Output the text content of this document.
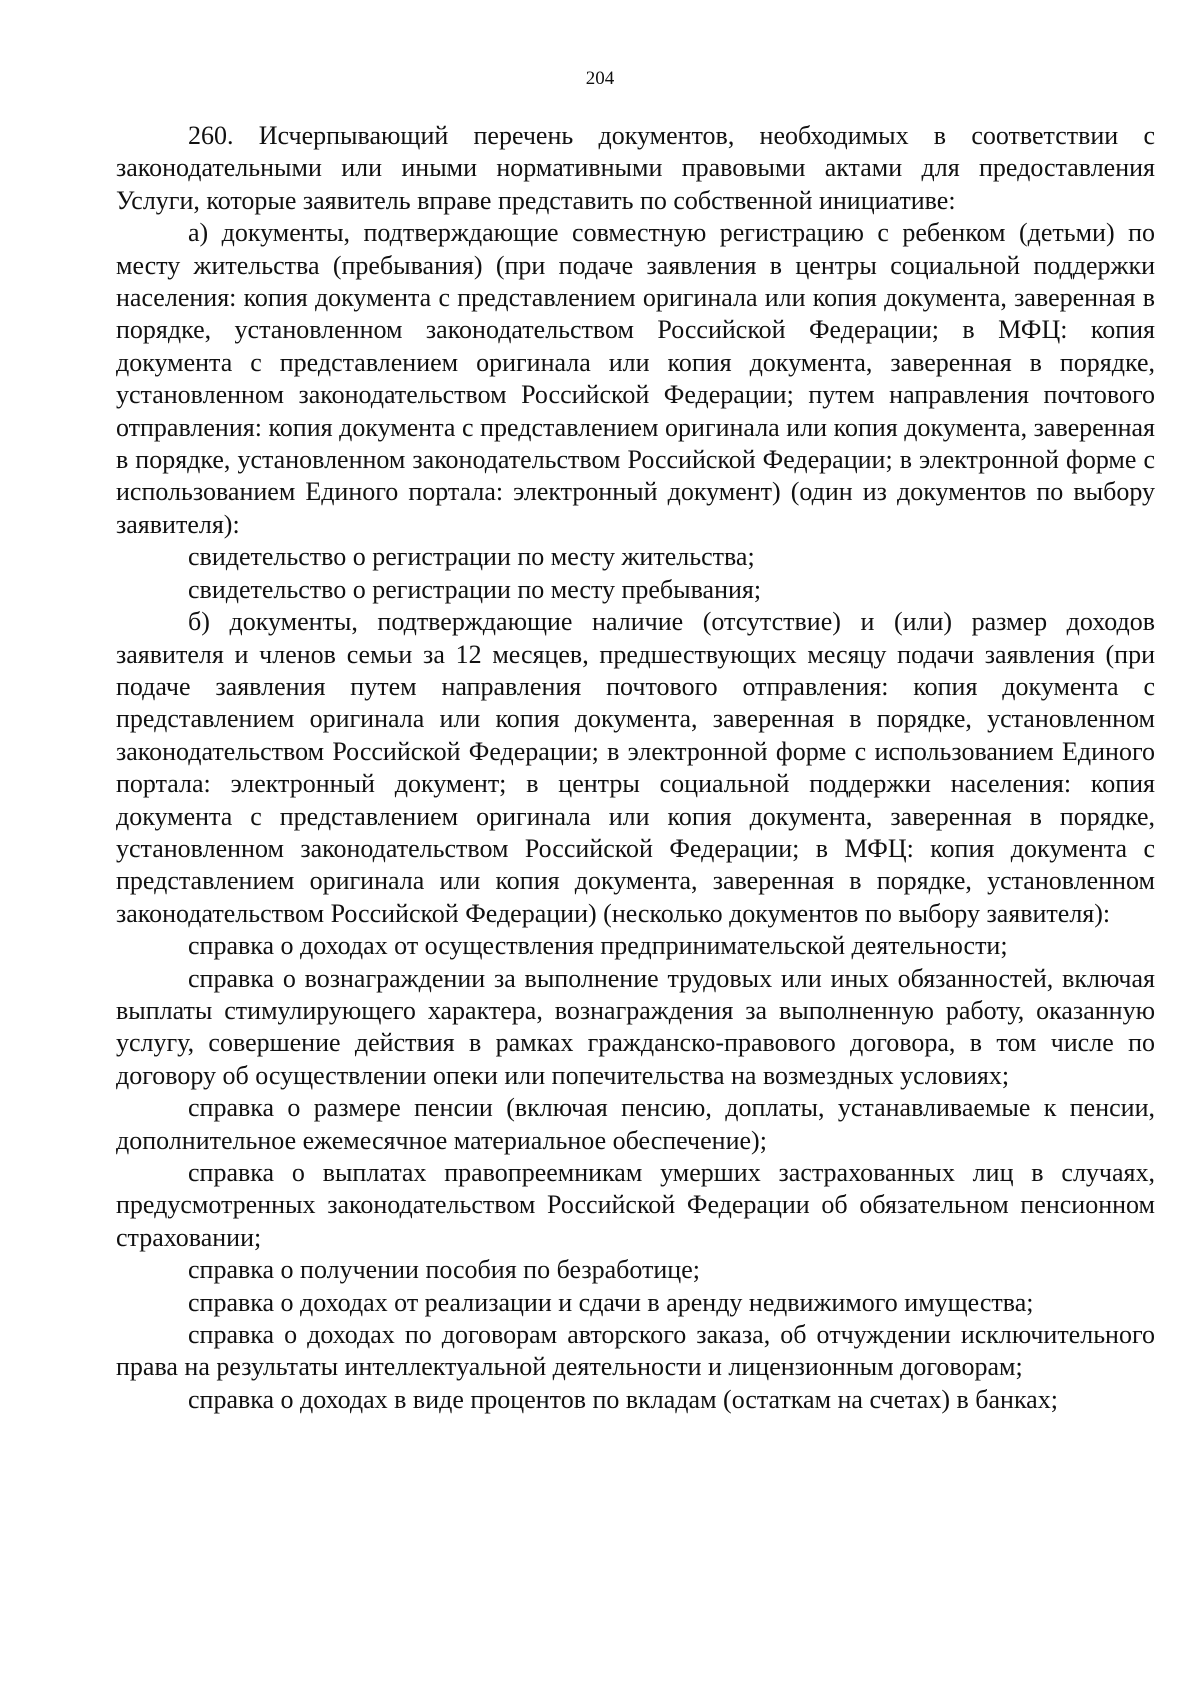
204

260. Исчерпывающий перечень документов, необходимых в соответствии с законодательными или иными нормативными правовыми актами для предоставления Услуги, которые заявитель вправе представить по собственной инициативе:

а) документы, подтверждающие совместную регистрацию с ребенком (детьми) по месту жительства (пребывания) (при подаче заявления в центры социальной поддержки населения: копия документа с представлением оригинала или копия документа, заверенная в порядке, установленном законодательством Российской Федерации; в МФЦ: копия документа с представлением оригинала или копия документа, заверенная в порядке, установленном законодательством Российской Федерации; путем направления почтового отправления: копия документа с представлением оригинала или копия документа, заверенная в порядке, установленном законодательством Российской Федерации; в электронной форме с использованием Единого портала: электронный документ) (один из документов по выбору заявителя):

свидетельство о регистрации по месту жительства;

свидетельство о регистрации по месту пребывания;

б) документы, подтверждающие наличие (отсутствие) и (или) размер доходов заявителя и членов семьи за 12 месяцев, предшествующих месяцу подачи заявления (при подаче заявления путем направления почтового отправления: копия документа с представлением оригинала или копия документа, заверенная в порядке, установленном законодательством Российской Федерации; в электронной форме с использованием Единого портала: электронный документ; в центры социальной поддержки населения: копия документа с представлением оригинала или копия документа, заверенная в порядке, установленном законодательством Российской Федерации; в МФЦ: копия документа с представлением оригинала или копия документа, заверенная в порядке, установленном законодательством Российской Федерации) (несколько документов по выбору заявителя):

справка о доходах от осуществления предпринимательской деятельности;

справка о вознаграждении за выполнение трудовых или иных обязанностей, включая выплаты стимулирующего характера, вознаграждения за выполненную работу, оказанную услугу, совершение действия в рамках гражданско-правового договора, в том числе по договору об осуществлении опеки или попечительства на возмездных условиях;

справка о размере пенсии (включая пенсию, доплаты, устанавливаемые к пенсии, дополнительное ежемесячное материальное обеспечение);

справка о выплатах правопреемникам умерших застрахованных лиц в случаях, предусмотренных законодательством Российской Федерации об обязательном пенсионном страховании;

справка о получении пособия по безработице;

справка о доходах от реализации и сдачи в аренду недвижимого имущества;

справка о доходах по договорам авторского заказа, об отчуждении исключительного права на результаты интеллектуальной деятельности и лицензионным договорам;

справка о доходах в виде процентов по вкладам (остаткам на счетах) в банках;
